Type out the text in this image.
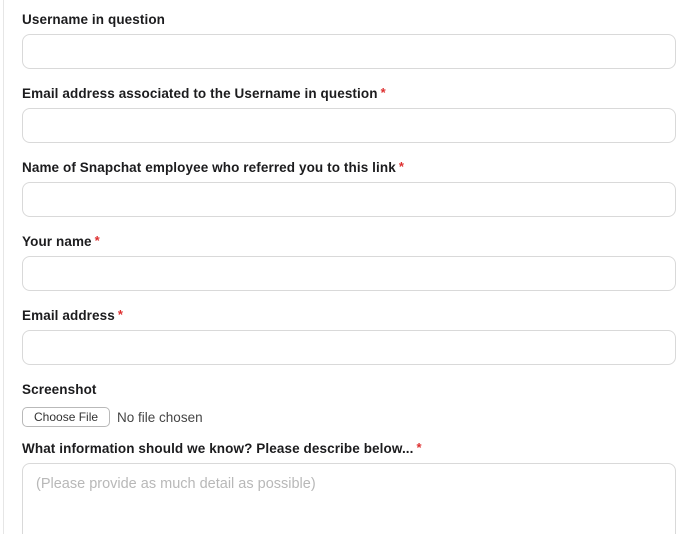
Username in question
Email address associated to the Username in question *
Name of Snapchat employee who referred you to this link *
Your name *
Email address *
Screenshot
Choose File	No file chosen
What information should we know? Please describe below... *
(Please provide as much detail as possible)
